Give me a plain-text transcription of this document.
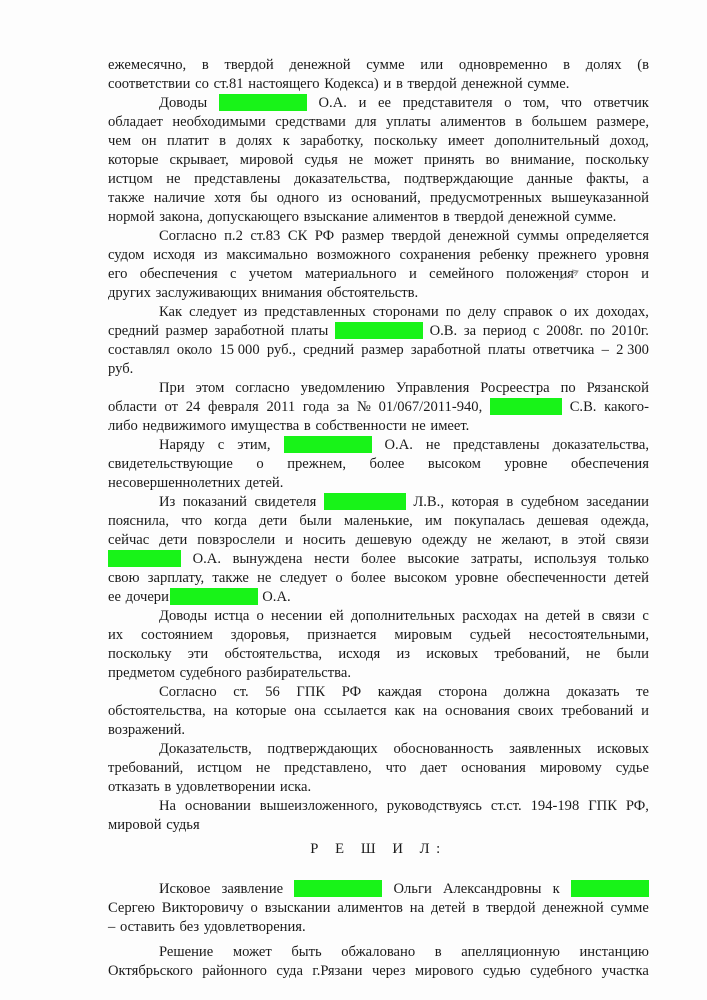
ежемесячно, в твердой денежной сумме или одновременно в долях (в
соответствии со ст.81 настоящего Кодекса) и в твердой денежной сумме.
Доводы	О.А. и ее представителя о том, что ответчик
обладает необходимыми средствами для уплаты алиментов в большем размере,
чем он платит в долях к заработку, поскольку имеет дополнительный доход,
которые скрывает, мировой судья не может принять во внимание, поскольку
истцом не представлены доказательства, подтверждающие данные факты, а
также наличие хотя бы одного из оснований, предусмотренных вышеуказанной
нормой закона, допускающего взыскание алиментов в твердой денежной сумме.
Согласно п.2 ст.83 СК РФ размер твердой денежной суммы определяется
судом исходя из максимально возможного сохранения ребенку прежнего уровня
его обеспечения с учетом материального и семейного положения сторон и
других заслуживающих внимания обстоятельств.
Как следует из представленных сторонами по делу справок о их доходах,
средний размер заработной платы	О.В. за период с 2008г. по 2010г.
составлял около 15 000 руб., средний размер заработной платы ответчика – 2 300
руб.
При этом согласно уведомлению Управления Росреестра по Рязанской
области от 24 февраля 2011 года за № 01/067/2011-940,	С.В. какого-
либо недвижимого имущества в собственности не имеет.
Наряду с этим,	О.А. не представлены доказательства,
свидетельствующие о прежнем, более высоком уровне обеспечения
несовершеннолетних детей.
Из показаний свидетеля	Л.В., которая в судебном заседании
пояснила, что когда дети были маленькие, им покупалась дешевая одежда,
сейчас дети повзрослели и носить дешевую одежду не желают, в этой связи
О.А. вынуждена нести более высокие затраты, используя только
свою зарплату, также не следует о более высоком уровне обеспеченности детей
ее дочери	О.А.
Доводы истца о несении ей дополнительных расходах на детей в связи с
их состоянием здоровья, признается мировым судьей несостоятельными,
поскольку эти обстоятельства, исходя из исковых требований, не были
предметом судебного разбирательства.
Согласно ст. 56 ГПК РФ каждая сторона должна доказать те
обстоятельства, на которые она ссылается как на основания своих требований и
возражений.
Доказательств, подтверждающих обоснованность заявленных исковых
требований, истцом не представлено, что дает основания мировому судье
отказать в удовлетворении иска.
На основании вышеизложенного, руководствуясь ст.ст. 194-198 ГПК РФ,
мировой судья
Р Е Ш И Л:
Исковое заявление	Ольги Александровны к
Сергею Викторовичу о взыскании алиментов на детей в твердой денежной сумме
– оставить без удовлетворения.
Решение может быть обжаловано в апелляционную инстанцию
Октябрьского районного суда г.Рязани через мирового судью судебного участка
